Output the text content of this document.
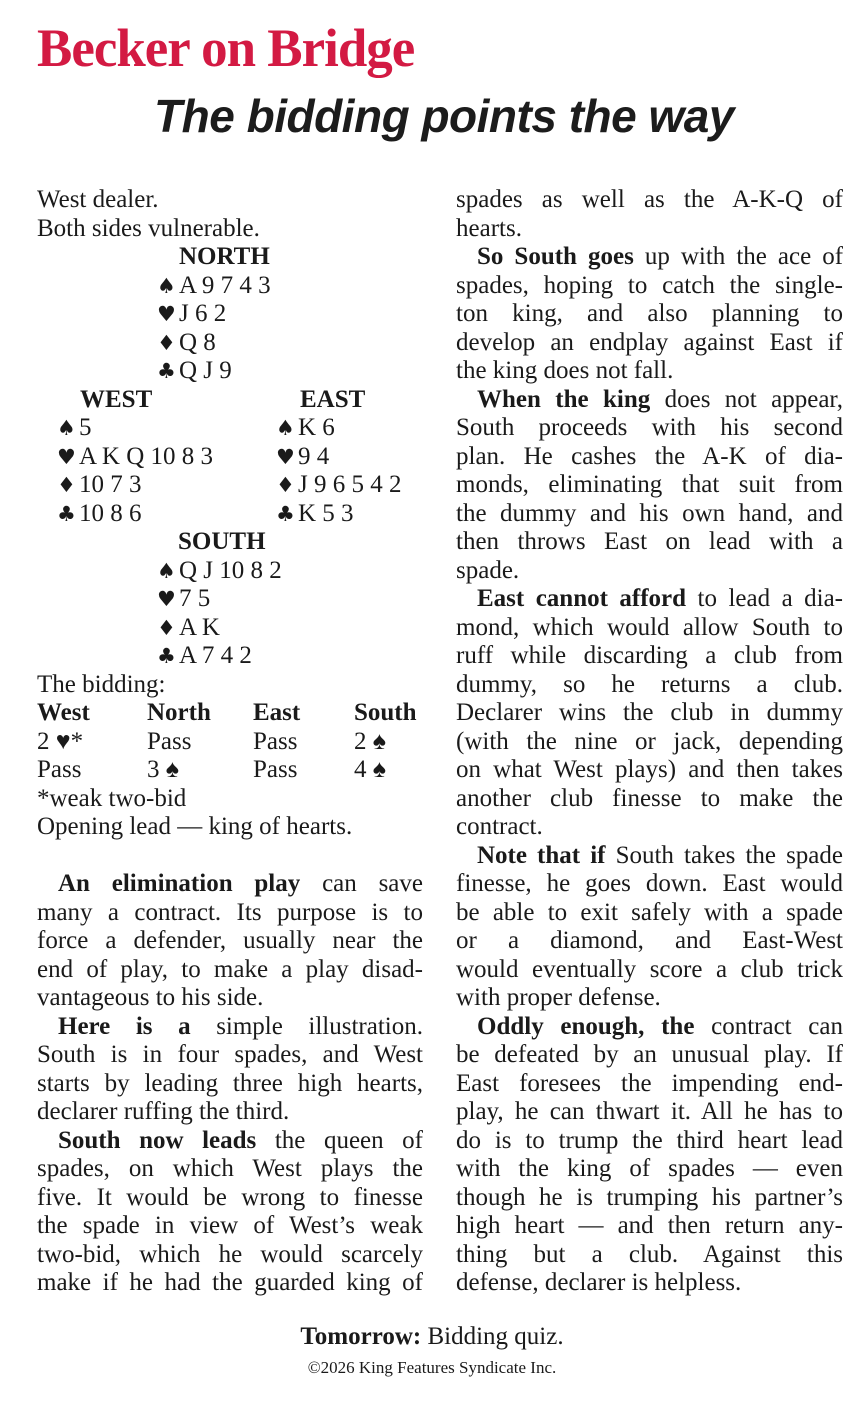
Becker on Bridge
The bidding points the way
West dealer.
Both sides vulnerable.
NORTH
♠ A 9 7 4 3
♥ J 6 2
♦ Q 8
♣ Q J 9
WEST	EAST
♠ 5	♠ K 6
♥ A K Q 10 8 3	♥ 9 4
♦ 10 7 3	♦ J 9 6 5 4 2
♣ 10 8 6	♣ K 5 3
SOUTH
♠ Q J 10 8 2
♥ 7 5
♦ A K
♣ A 7 4 2
The bidding:
West North East South
2 ♥*	Pass Pass 2 ♠
Pass	3 ♠	Pass 4 ♠
*weak two-bid
Opening lead — king of hearts.
An elimination play can save
many a contract. Its purpose is to
force a defender, usually near the
end of play, to make a play disad-
vantageous to his side.
Here is a simple illustration.
South is in four spades, and West
starts by leading three high hearts,
declarer ruffing the third.
South now leads the queen of
spades, on which West plays the
five. It would be wrong to finesse
the spade in view of West’s weak
two-bid, which he would scarcely
make if he had the guarded king of
spades as well as the A-K-Q of
hearts.
So South goes up with the ace of
spades, hoping to catch the single-
ton king, and also planning to
develop an endplay against East if
the king does not fall.
When the king does not appear,
South proceeds with his second
plan. He cashes the A-K of dia-
monds, eliminating that suit from
the dummy and his own hand, and
then throws East on lead with a
spade.
East cannot afford to lead a dia-
mond, which would allow South to
ruff while discarding a club from
dummy, so he returns a club.
Declarer wins the club in dummy
(with the nine or jack, depending
on what West plays) and then takes
another club finesse to make the
contract.
Note that if South takes the spade
finesse, he goes down. East would
be able to exit safely with a spade
or a diamond, and East-West
would eventually score a club trick
with proper defense.
Oddly enough, the contract can
be defeated by an unusual play. If
East foresees the impending end-
play, he can thwart it. All he has to
do is to trump the third heart lead
with the king of spades — even
though he is trumping his partner’s
high heart — and then return any-
thing but a club. Against this
defense, declarer is helpless.
Tomorrow: Bidding quiz.
©2026 King Features Syndicate Inc.
